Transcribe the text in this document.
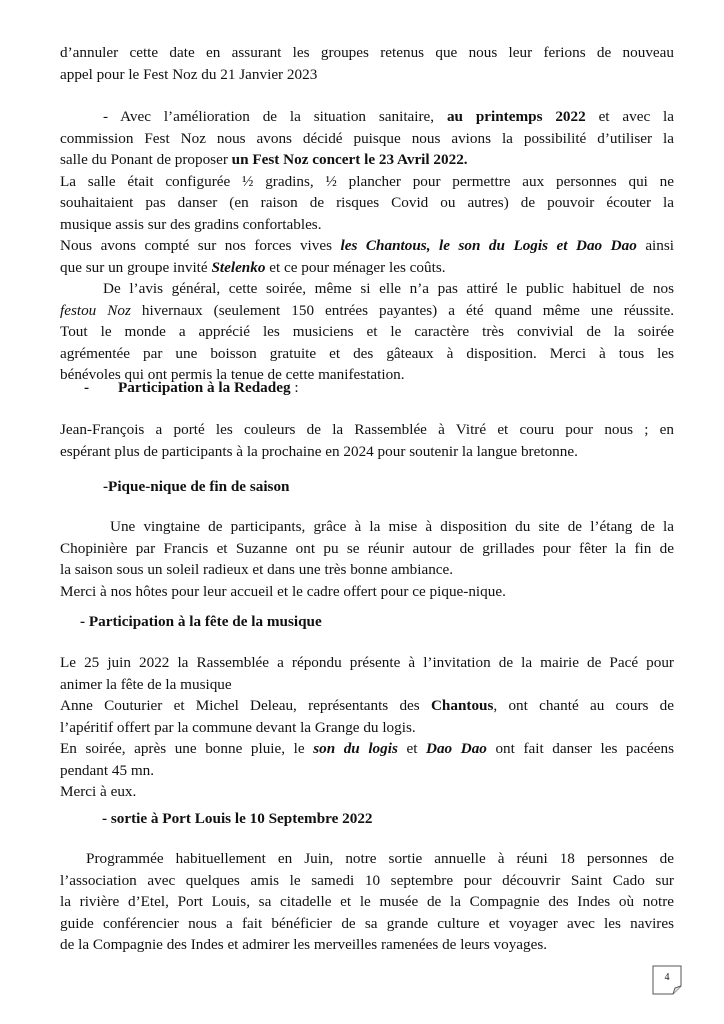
d’annuler cette date en assurant les groupes retenus que nous leur ferions de nouveau
appel pour le Fest Noz du 21 Janvier 2023
- Avec l’amélioration de la situation sanitaire, au printemps 2022 et avec la
commission Fest Noz nous avons décidé puisque nous avions la possibilité d’utiliser la
salle du Ponant de proposer un Fest Noz concert le 23 Avril 2022.
La salle était configurée ½ gradins, ½ plancher pour permettre aux personnes qui ne
souhaitaient pas danser (en raison de risques Covid ou autres) de pouvoir écouter la
musique assis sur des gradins confortables.
Nous avons compté sur nos forces vives les Chantous, le son du Logis et Dao Dao ainsi
que sur un groupe invité Stelenko et ce pour ménager les coûts.
De l’avis général, cette soirée, même si elle n’a pas attiré le public habituel de nos
festou Noz hivernaux (seulement 150 entrées payantes) a été quand même une réussite.
Tout le monde a apprécié les musiciens et le caractère très convivial de la soirée
agrémentée par une boisson gratuite et des gâteaux à disposition. Merci à tous les
bénévoles qui ont permis la tenue de cette manifestation.
- Participation à la Redadeg :
Jean-François a porté les couleurs de la Rassemblée à Vitré et couru pour nous ; en
espérant plus de participants à la prochaine en 2024 pour soutenir la langue bretonne.
-Pique-nique de fin de saison
Une vingtaine de participants, grâce à la mise à disposition du site de l’étang de la
Chopinière par Francis et Suzanne ont pu se réunir autour de grillades pour fêter la fin de
la saison sous un soleil radieux et dans une très bonne ambiance.
Merci à nos hôtes pour leur accueil et le cadre offert pour ce pique-nique.
- Participation à la fête de la musique
Le 25 juin 2022 la Rassemblée a répondu présente à l’invitation de la mairie de Pacé pour
animer la fête de la musique
Anne Couturier et Michel Deleau, représentants des Chantous, ont chanté au cours de
l’apéritif offert par la commune devant la Grange du logis.
En soirée, après une bonne pluie, le son du logis et Dao Dao ont fait danser les pacéens
pendant 45 mn.
Merci à eux.
- sortie à Port Louis le 10 Septembre 2022
Programmée habituellement en Juin, notre sortie annuelle à réuni 18 personnes de
l’association avec quelques amis le samedi 10 septembre pour découvrir Saint Cado sur
la rivière d’Etel, Port Louis, sa citadelle et le musée de la Compagnie des Indes où notre
guide conférencier nous a fait bénéficier de sa grande culture et voyager avec les navires
de la Compagnie des Indes et admirer les merveilles ramenées de leurs voyages.
4
